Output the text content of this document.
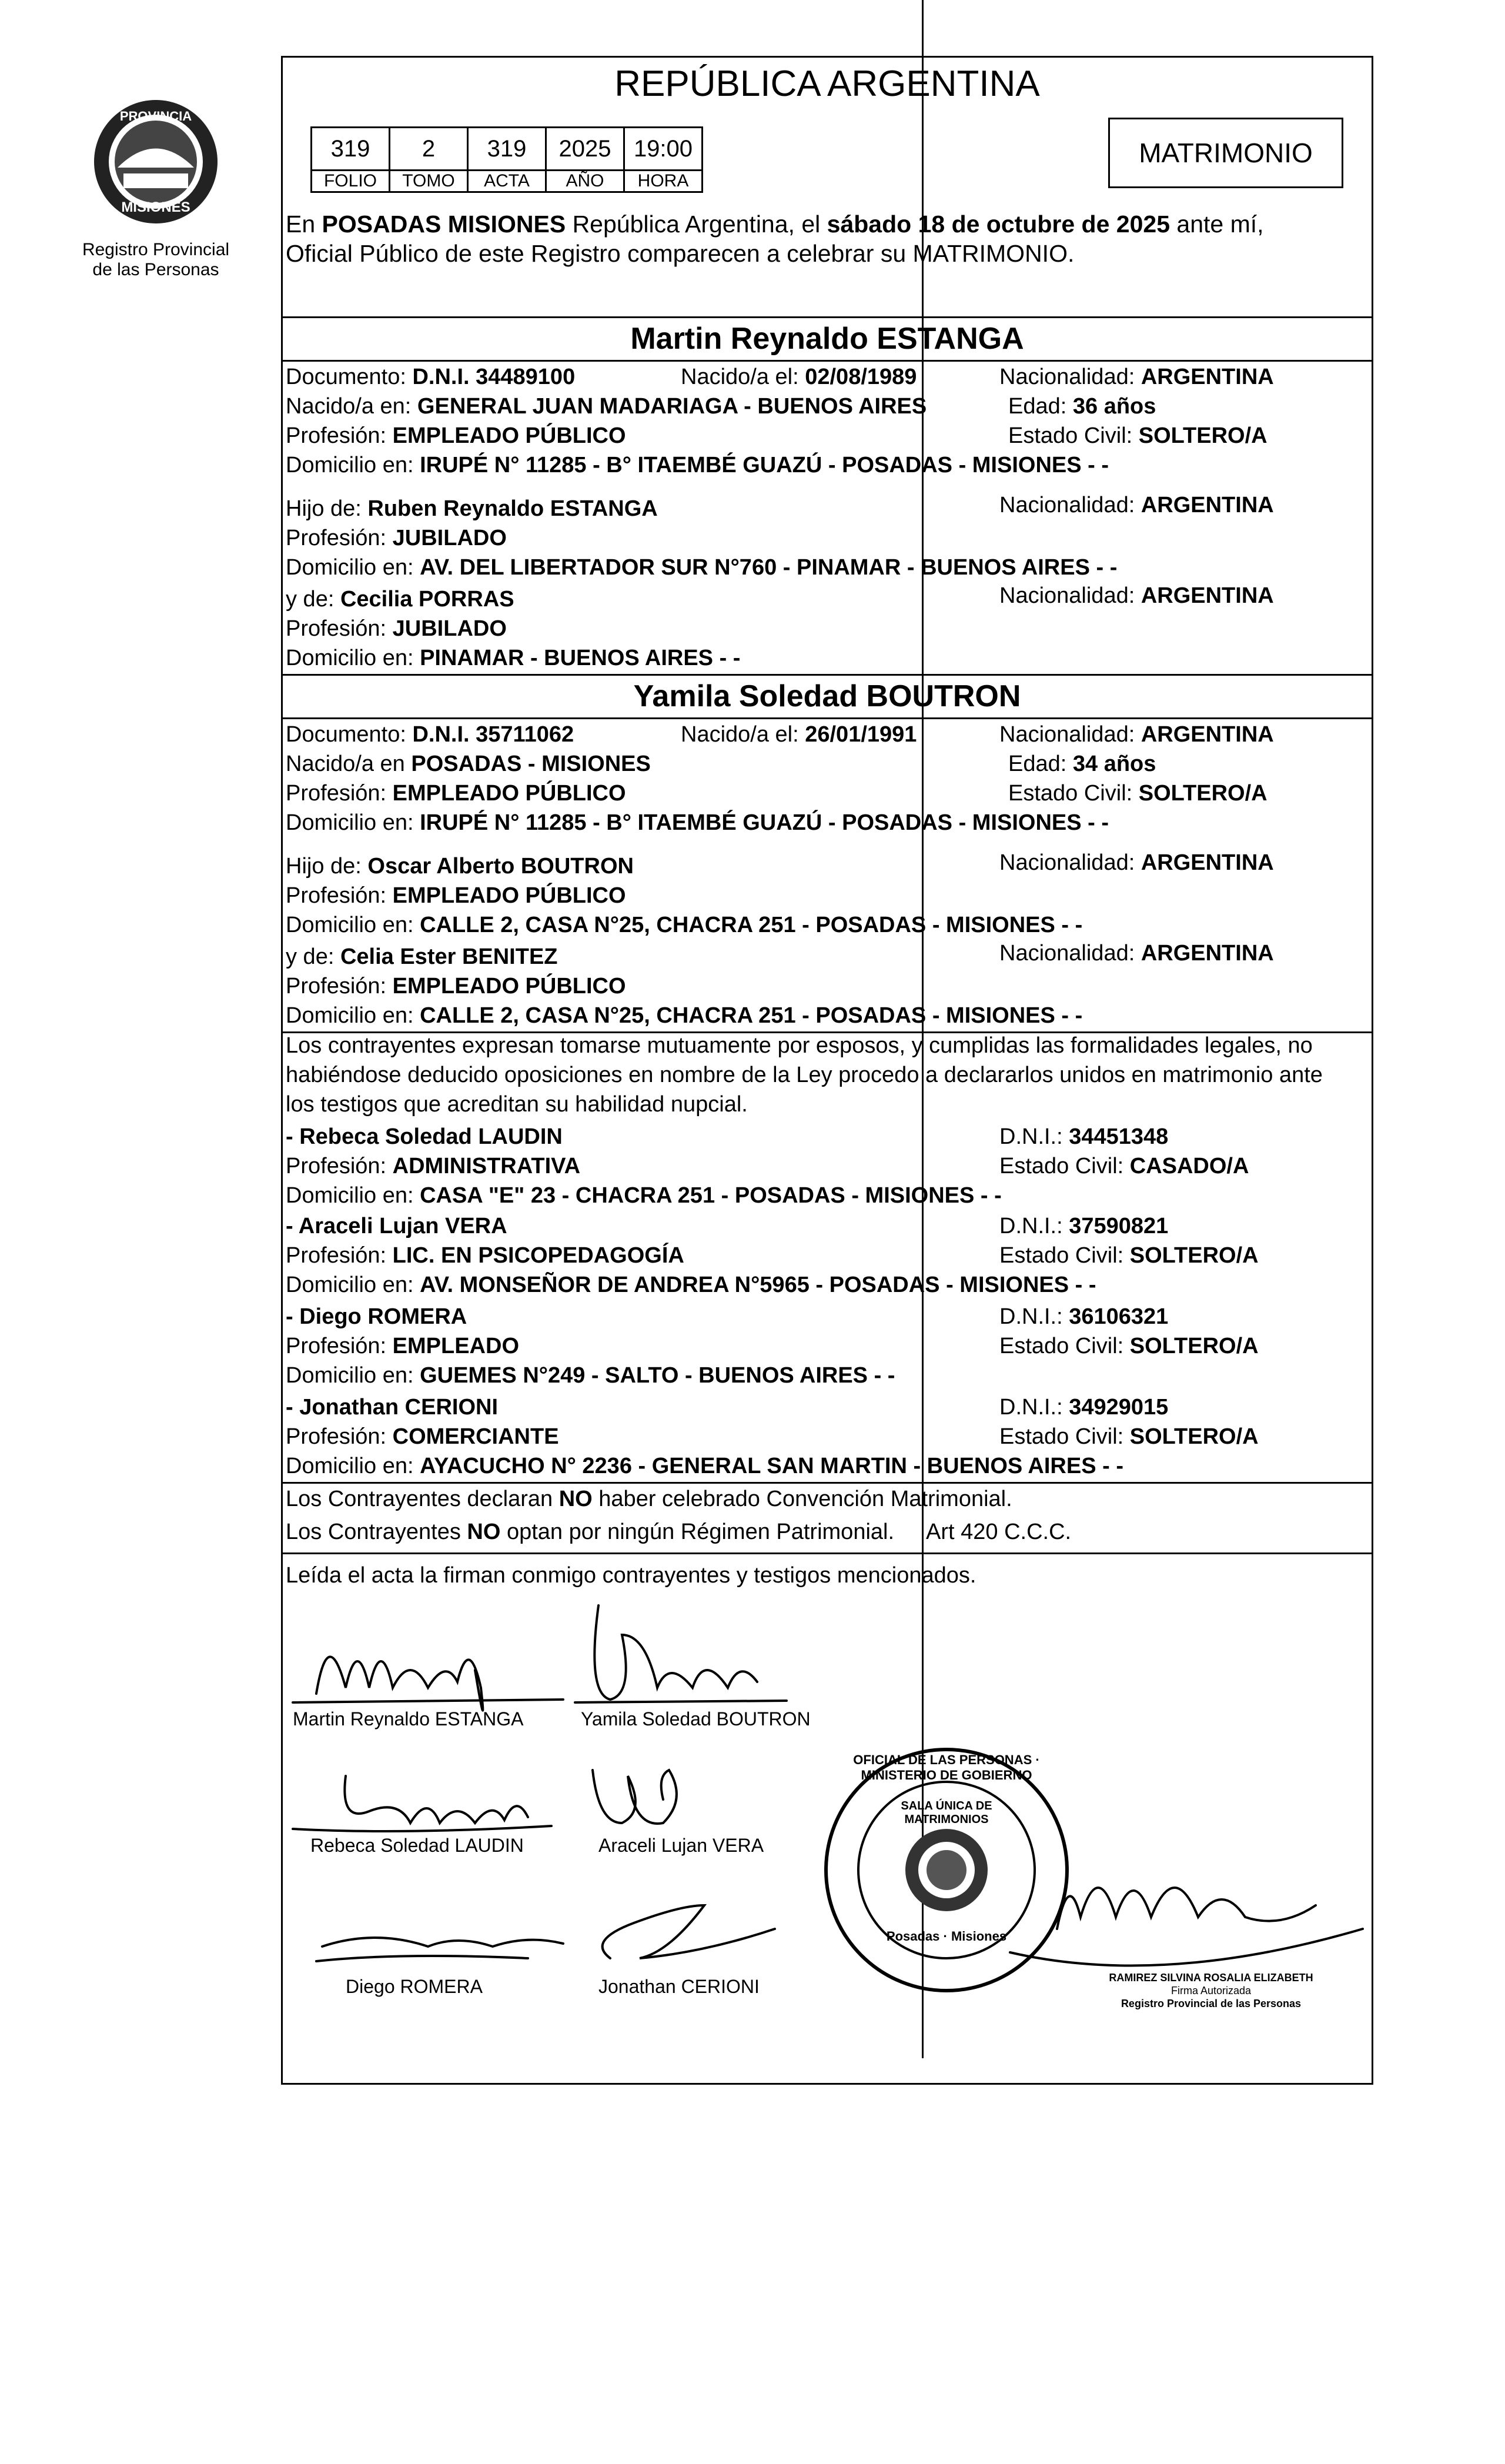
PROVINCIA
MISIONES
Registro Provincial
de las Personas
REPÚBLICA ARGENTINA
319	2	319	2025	19:00
FOLIO	TOMO	ACTA	AÑO	HORA
MATRIMONIO
En POSADAS MISIONES República Argentina, el sábado 18 de octubre de 2025 ante mí,
Oficial Público de este Registro comparecen a celebrar su MATRIMONIO.
Martin Reynaldo ESTANGA
Documento: D.N.I. 34489100	Nacido/a el: 02/08/1989	Nacionalidad: ARGENTINA
Nacido/a en: GENERAL JUAN MADARIAGA - BUENOS AIRES	Edad: 36 años
Profesión: EMPLEADO PÚBLICO	Estado Civil: SOLTERO/A
Domicilio en: IRUPÉ N° 11285 - B° ITAEMBÉ GUAZÚ - POSADAS - MISIONES - -
Hijo de: Ruben Reynaldo ESTANGA	Nacionalidad: ARGENTINA
Profesión: JUBILADO
Domicilio en: AV. DEL LIBERTADOR SUR N°760 - PINAMAR - BUENOS AIRES - -
y de: Cecilia PORRAS	Nacionalidad: ARGENTINA
Profesión: JUBILADO
Domicilio en: PINAMAR - BUENOS AIRES - -
Yamila Soledad BOUTRON
Documento: D.N.I. 35711062	Nacido/a el: 26/01/1991	Nacionalidad: ARGENTINA
Nacido/a en POSADAS - MISIONES	Edad: 34 años
Profesión: EMPLEADO PÚBLICO	Estado Civil: SOLTERO/A
Domicilio en: IRUPÉ N° 11285 - B° ITAEMBÉ GUAZÚ - POSADAS - MISIONES - -
Hijo de: Oscar Alberto BOUTRON	Nacionalidad: ARGENTINA
Profesión: EMPLEADO PÚBLICO
Domicilio en: CALLE 2, CASA N°25, CHACRA 251 - POSADAS - MISIONES - -
y de: Celia Ester BENITEZ	Nacionalidad: ARGENTINA
Profesión: EMPLEADO PÚBLICO
Domicilio en: CALLE 2, CASA N°25, CHACRA 251 - POSADAS - MISIONES - -
Los contrayentes expresan tomarse mutuamente por esposos, y cumplidas las formalidades legales, no
habiéndose deducido oposiciones en nombre de la Ley procedo a declararlos unidos en matrimonio ante
los testigos que acreditan su habilidad nupcial.
- Rebeca Soledad LAUDIN	D.N.I.: 34451348
Profesión: ADMINISTRATIVA	Estado Civil: CASADO/A
Domicilio en: CASA "E" 23 - CHACRA 251 - POSADAS - MISIONES - -
- Araceli Lujan VERA	D.N.I.: 37590821
Profesión: LIC. EN PSICOPEDAGOGÍA	Estado Civil: SOLTERO/A
Domicilio en: AV. MONSEÑOR DE ANDREA N°5965 - POSADAS - MISIONES - -
- Diego ROMERA	D.N.I.: 36106321
Profesión: EMPLEADO	Estado Civil: SOLTERO/A
Domicilio en: GUEMES N°249 - SALTO - BUENOS AIRES - -
- Jonathan CERIONI	D.N.I.: 34929015
Profesión: COMERCIANTE	Estado Civil: SOLTERO/A
Domicilio en: AYACUCHO N° 2236 - GENERAL SAN MARTIN - BUENOS AIRES - -
Los Contrayentes declaran NO haber celebrado Convención Matrimonial.
Los Contrayentes NO optan por ningún Régimen Patrimonial. Art 420 C.C.C.
Leída el acta la firman conmigo contrayentes y testigos mencionados.
Martin Reynaldo ESTANGA	Yamila Soledad BOUTRON
Rebeca Soledad LAUDIN	Araceli Lujan VERA
Diego ROMERA	Jonathan CERIONI
OFICIAL DE LAS PERSONAS · MINISTERIO DE GOBIERNO
SALA ÚNICA DE MATRIMONIOS
Posadas · Misiones
RAMIREZ SILVINA ROSALIA ELIZABETH
Firma Autorizada
Registro Provincial de las Personas
